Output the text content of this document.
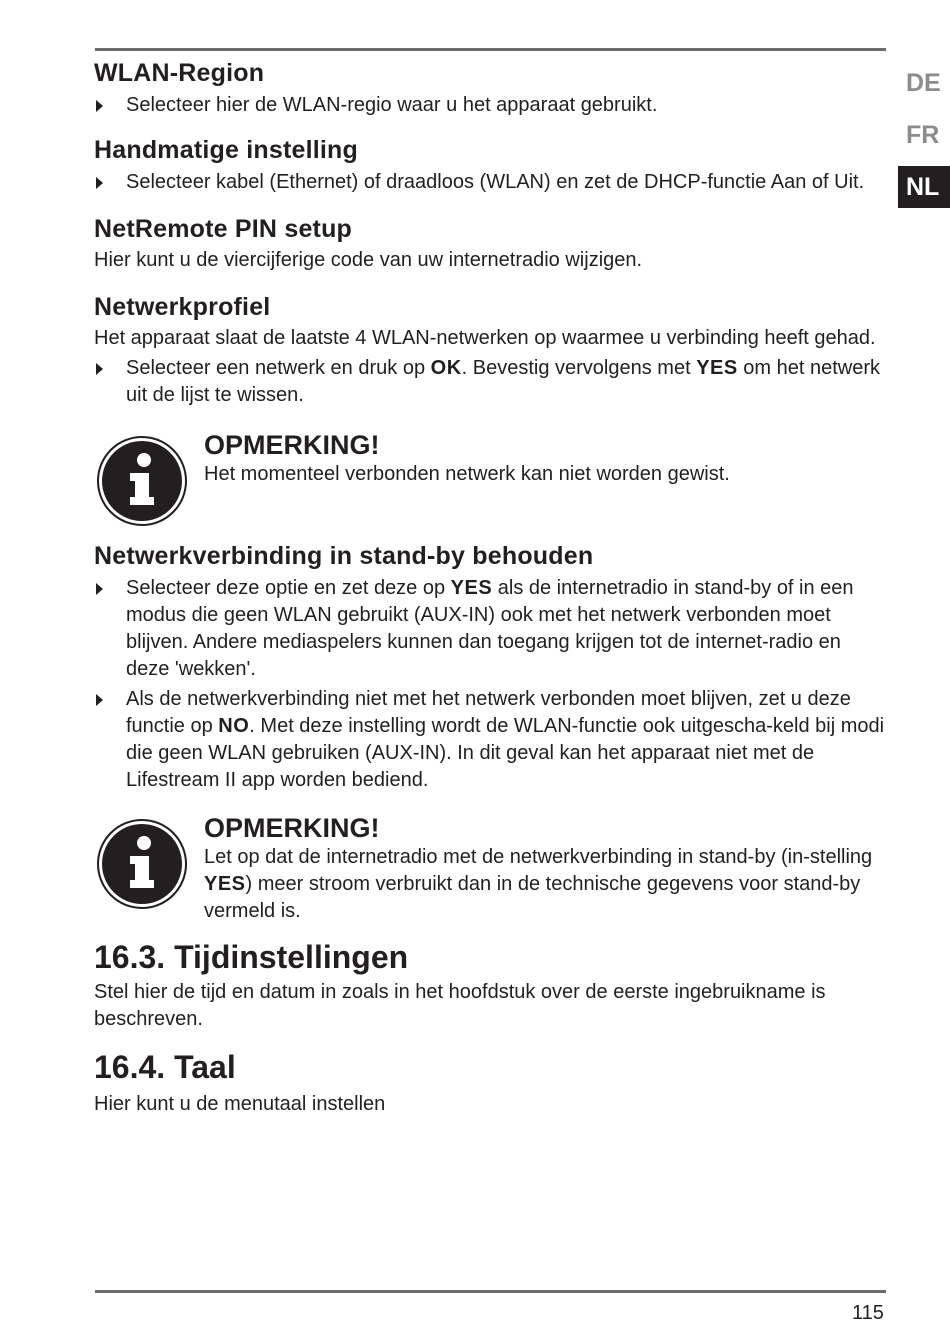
DE
FR
NL
WLAN-Region
Selecteer hier de WLAN-regio waar u het apparaat gebruikt.
Handmatige instelling
Selecteer kabel (Ethernet) of draadloos (WLAN) en zet de DHCP-functie Aan of Uit.
NetRemote PIN setup

Hier kunt u de viercijferige code van uw internetradio wijzigen.

Netwerkprofiel

Het apparaat slaat de laatste 4 WLAN-netwerken op waarmee u verbinding heeft gehad.

Selecteer een netwerk en druk op OK. Bevestig vervolgens met YES om het netwerk uit de lijst te wissen.

OPMERKING!

Het momenteel verbonden netwerk kan niet worden gewist.

Netwerkverbinding in stand-by behouden
Selecteer deze optie en zet deze op YES als de internetradio in stand-by of in een modus die geen WLAN gebruikt (AUX-IN) ook met het netwerk verbonden moet blijven. Andere mediaspelers kunnen dan toegang krijgen tot de internet-radio en deze 'wekken'.
Als de netwerkverbinding niet met het netwerk verbonden moet blijven, zet u deze functie op NO. Met deze instelling wordt de WLAN-functie ook uitgescha-keld bij modi die geen WLAN gebruiken (AUX-IN). In dit geval kan het apparaat niet met de Lifestream II app worden bediend.

OPMERKING!

Let op dat de internetradio met de netwerkverbinding in stand-by (in-stelling YES) meer stroom verbruikt dan in de technische gegevens voor stand-by vermeld is.

16.3. Tijdinstellingen

Stel hier de tijd en datum in zoals in het hoofdstuk over de eerste ingebruikname is beschreven.

16.4. Taal

Hier kunt u de menutaal instellen

115
